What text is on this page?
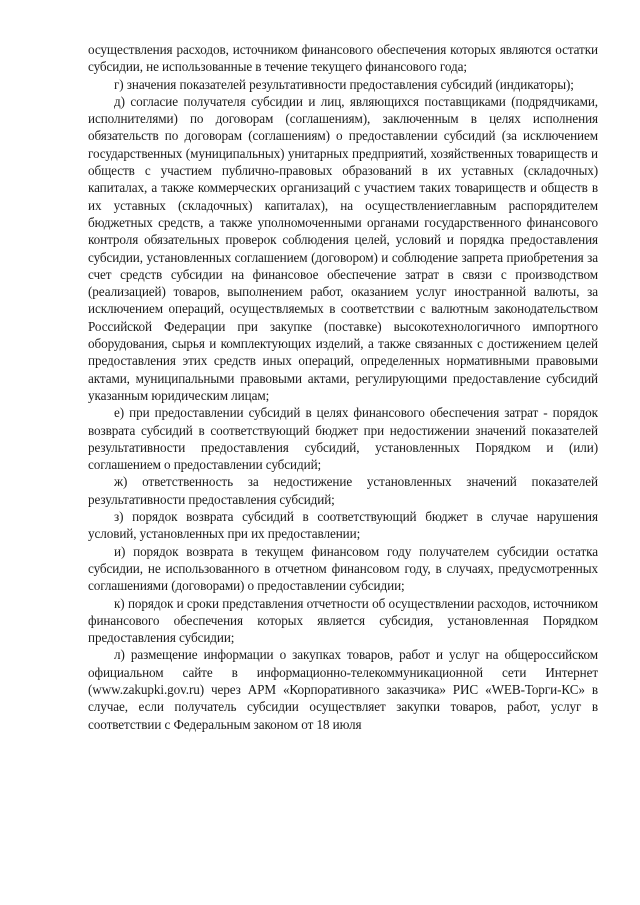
осуществления расходов, источником финансового обеспечения которых являются остатки субсидии, не использованные в течение текущего финансового года;

г) значения показателей результативности предоставления субсидий (индикаторы);

д) согласие получателя субсидии и лиц, являющихся поставщиками (подрядчиками, исполнителями) по договорам (соглашениям), заключенным в целях исполнения обязательств по договорам (соглашениям) о предоставлении субсидий (за исключением государственных (муниципальных) унитарных предприятий, хозяйственных товариществ и обществ с участием публично-правовых образований в их уставных (складочных) капиталах, а также коммерческих организаций с участием таких товариществ и обществ в их уставных (складочных) капиталах), на осуществлениеглавным распорядителем бюджетных средств, а также уполномоченными органами государственного финансового контроля обязательных проверок соблюдения целей, условий и порядка предоставления субсидии, установленных соглашением (договором) и соблюдение запрета приобретения за счет средств субсидии на финансовое обеспечение затрат в связи с производством (реализацией) товаров, выполнением работ, оказанием услуг иностранной валюты, за исключением операций, осуществляемых в соответствии с валютным законодательством Российской Федерации при закупке (поставке) высокотехнологичного импортного оборудования, сырья и комплектующих изделий, а также связанных с достижением целей предоставления этих средств иных операций, определенных нормативными правовыми актами, муниципальными правовыми актами, регулирующими предоставление субсидий указанным юридическим лицам;

е) при предоставлении субсидий в целях финансового обеспечения затрат - порядок возврата субсидий в соответствующий бюджет при недостижении значений показателей результативности предоставления субсидий, установленных Порядком и (или) соглашением о предоставлении субсидий;

ж) ответственность за недостижение установленных значений показателей результативности предоставления субсидий;

з) порядок возврата субсидий в соответствующий бюджет в случае нарушения условий, установленных при их предоставлении;

и) порядок возврата в текущем финансовом году получателем субсидии остатка субсидии, не использованного в отчетном финансовом году, в случаях, предусмотренных соглашениями (договорами) о предоставлении субсидии;

к) порядок и сроки представления отчетности об осуществлении расходов, источником финансового обеспечения которых является субсидия, установленная Порядком предоставления субсидии;

л) размещение информации о закупках товаров, работ и услуг на общероссийском официальном сайте в информационно-телекоммуникационной сети Интернет (www.zakupki.gov.ru) через АРМ «Корпоративного заказчика» РИС «WEB-Торги-КС» в случае, если получатель субсидии осуществляет закупки товаров, работ, услуг в соответствии с Федеральным законом от 18 июля
